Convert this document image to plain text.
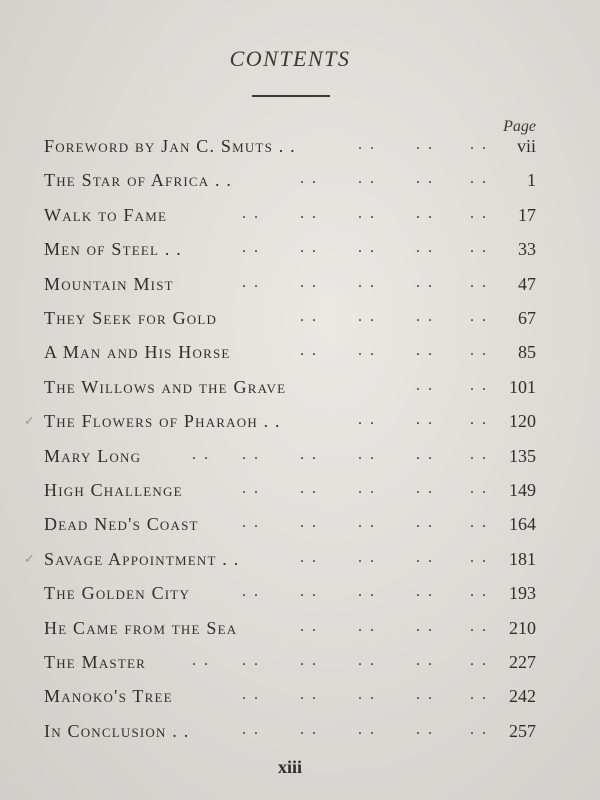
CONTENTS
Page
Foreword by Jan C. Smuts . .	. .	. . . .	vii
The Star of Africa . .	. .	. .	. . . .	1
Walk to Fame	. .	. .	. .	. . . .	17
Men of Steel . .	. .	. .	. .	. . . .	33
Mountain Mist	. .	. .	. .	. . . .	47
They Seek for Gold	. .	. .	. . . .	67
A Man and His Horse	. .	. .	. . . .	85
The Willows and the Grave	. . . .	101
✓ The Flowers of Pharaoh . .	. .	. . . .	120
Mary Long	. . . .	. .	. .	. . . .	135
High Challenge	. .	. .	. .	. . . .	149
Dead Ned's Coast	. .	. .	. .	. . . .	164
✓ Savage Appointment . .	. .	. .	. . . .	181
The Golden City	. .	. .	. .	. . . .	193
He Came from the Sea	. .	. .	. . . .	210
The Master	. . . .	. .	. .	. . . .	227
Manoko's Tree	. .	. .	. .	. . . .	242
In Conclusion . .	. .	. .	. .	. . . .	257
xiii
